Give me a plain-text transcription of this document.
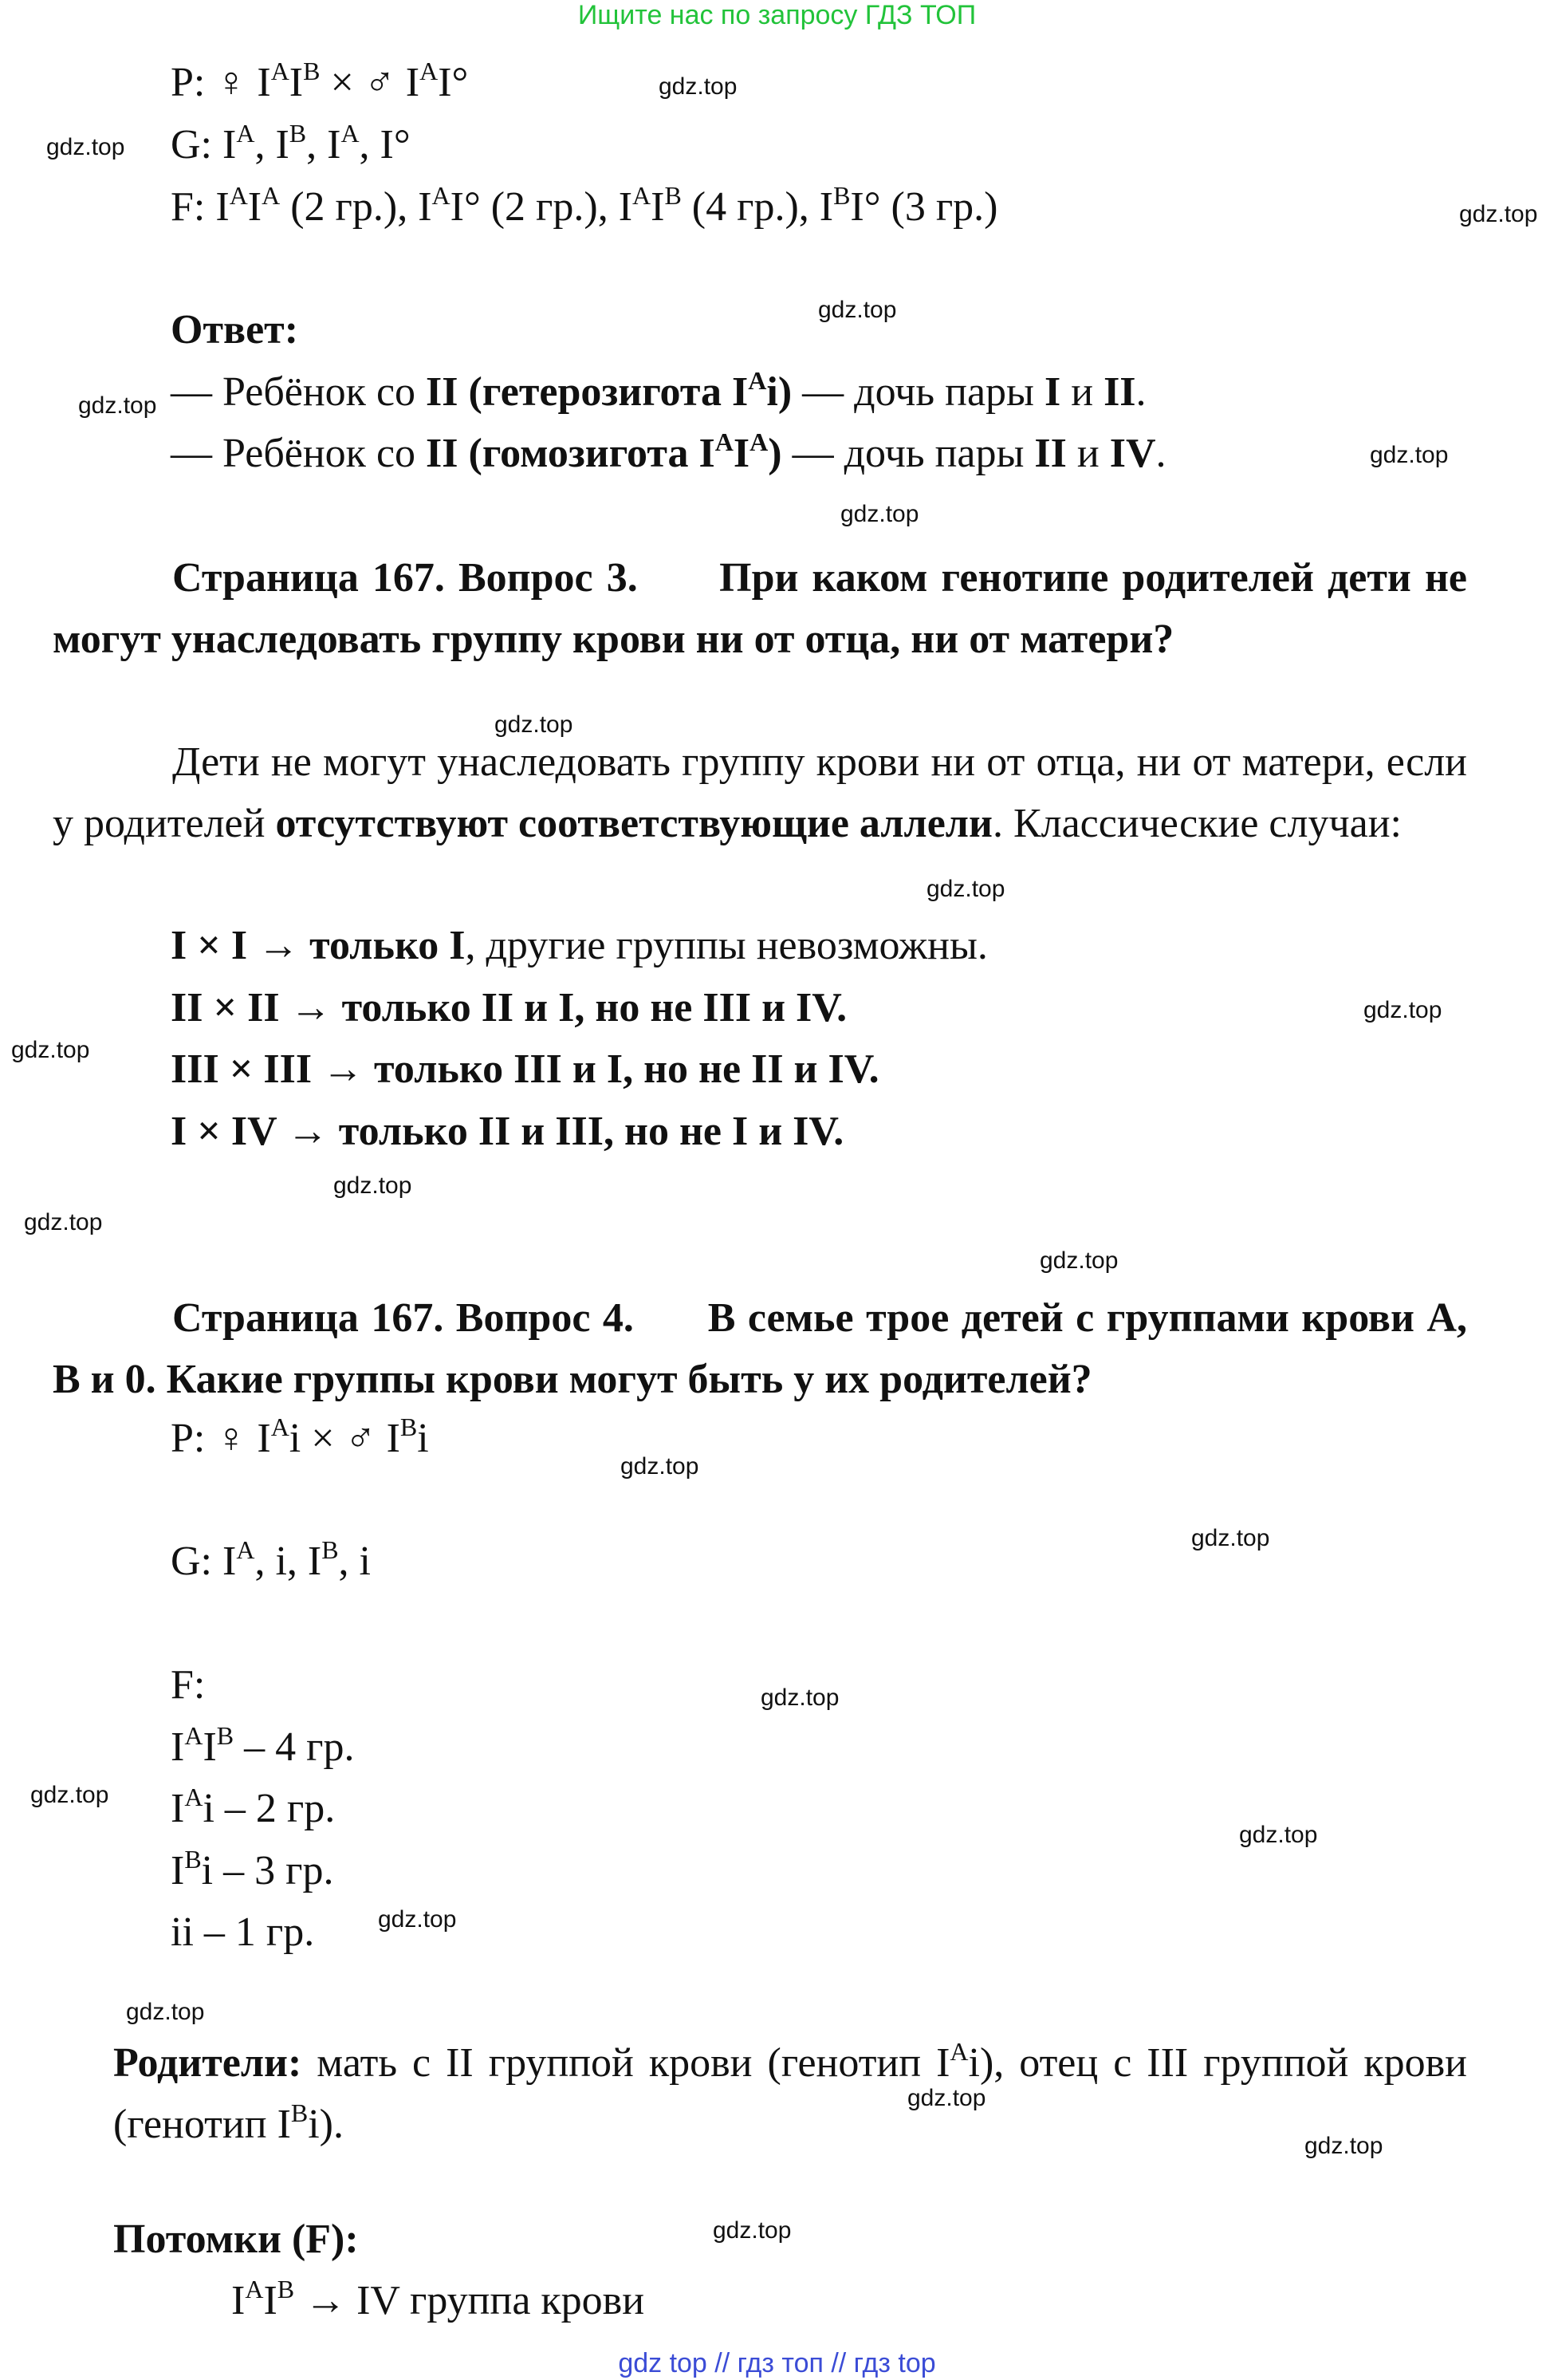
Ищите нас по запросу ГДЗ ТОП
P: ♀ $I^AI^B$ × ♂ $I^AI^\circ$
G: $I^A$, $I^B$, $I^A$, I°
F: $I^AI^A$ (2 гр.), $I^AI^\circ$ (2 гр.), $I^AI^B$ (4 гр.), $I^BI^\circ$ (3 гр.)
Ответ:
— Ребёнок со II (гетерозигота $I^Ai$) — дочь пары I и II.
— Ребёнок со II (гомозигота $I^AI^A$) — дочь пары II и IV.
Страница 167. Вопрос 3. При каком генотипе родителей дети не могут унаследовать группу крови ни от отца, ни от матери?
Дети не могут унаследовать группу крови ни от отца, ни от матери, если у родителей отсутствуют соответствующие аллели. Классические случаи:
I × I → только I, другие группы невозможны.
II × II → только II и I, но не III и IV.
III × III → только III и I, но не II и IV.
I × IV → только II и III, но не I и IV.
Страница 167. Вопрос 4. В семье трое детей с группами крови А, В и 0. Какие группы крови могут быть у их родителей?
P: ♀ $I^Ai$ × ♂ $I^Bi$
G: $I^A$, i, $I^B$, i
F:
$I^AI^B - 4$ гр.
$I^Ai - 2$ гр.
$I^Bi - 3$ гр.
ii – 1 гр.
Родители: мать с II группой крови (генотип $I^Ai$), отец с III группой крови (генотип $I^Bi$).
Потомки (F):
$I^AI^B$ → IV группа крови
gdz.top
gdz.top
gdz.top
gdz.top
gdz.top
gdz.top
gdz.top
gdz.top
gdz.top
gdz.top
gdz.top
gdz.top
gdz.top
gdz.top
gdz.top
gdz.top
gdz.top
gdz.top
gdz.top
gdz.top
gdz.top
gdz.top
gdz.top
gdz.top
gdz top // гдз топ // гдз top
